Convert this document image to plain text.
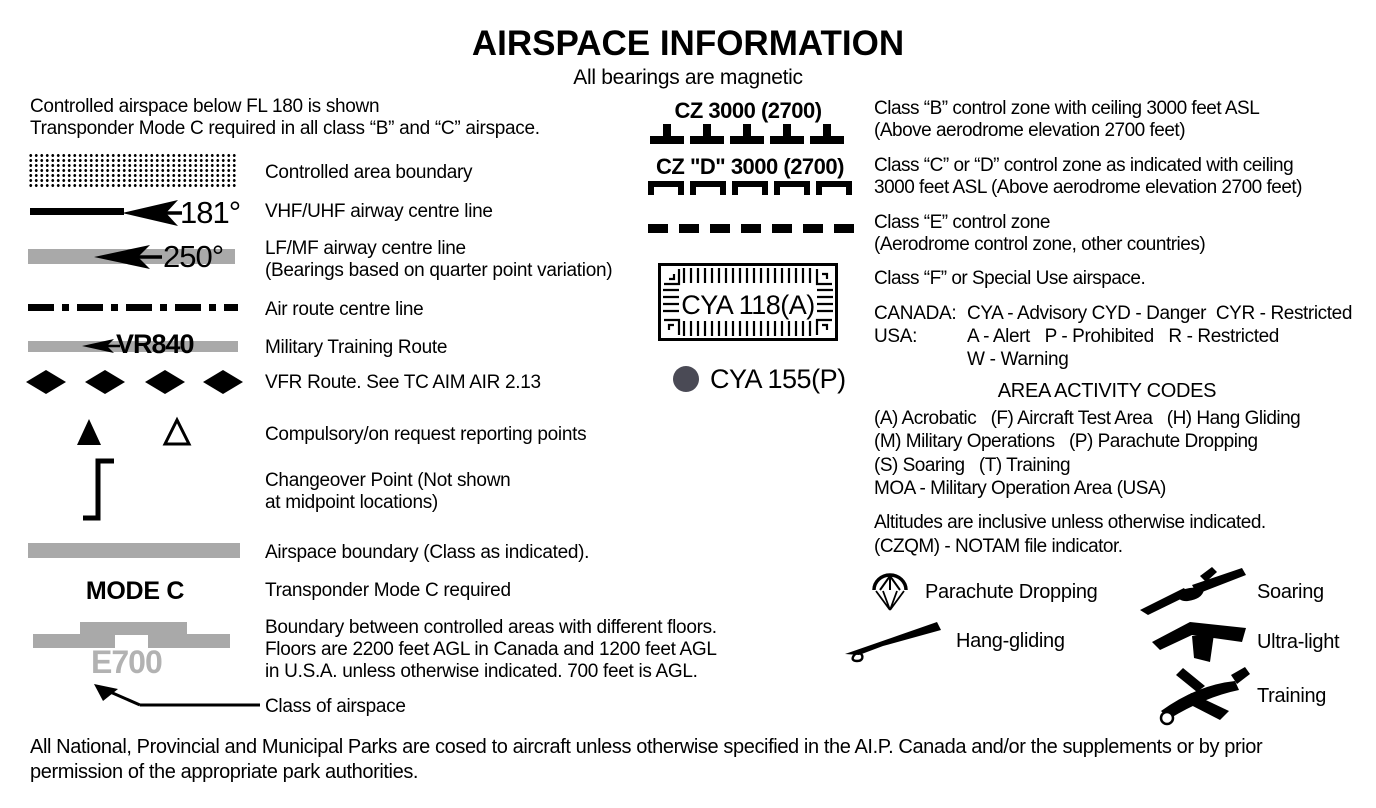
AIRSPACE INFORMATION
All bearings are magnetic
Controlled airspace below FL 180 is shown
Transponder Mode C required in all class “B” and “C” airspace.
181°
250°
VR840
MODE C
E700
Controlled area boundary
VHF/UHF airway centre line
LF/MF airway centre line
(Bearings based on quarter point variation)
Air route centre line
Military Training Route
VFR Route. See TC AIM AIR 2.13
Compulsory/on request reporting points
Changeover Point (Not shown
at midpoint locations)
Airspace boundary (Class as indicated).
Transponder Mode C required
Boundary between controlled areas with different floors.
Floors are 2200 feet AGL in Canada and 1200 feet AGL
in U.S.A. unless otherwise indicated. 700 feet is AGL.
Class of airspace
CZ 3000 (2700)
CZ "D" 3000 (2700)
CYA 118(A)
CYA 155(P)
Class “B” control zone with ceiling 3000 feet ASL
(Above aerodrome elevation 2700 feet)
Class “C” or “D” control zone as indicated with ceiling
3000 feet ASL (Above aerodrome elevation 2700 feet)
Class “E” control zone
(Aerodrome control zone, other countries)
Class “F” or Special Use airspace.
CANADA: CYA - Advisory CYD - Danger  CYR - Restricted
USA:	A - Alert   P - Prohibited   R - Restricted
W - Warning
AREA ACTIVITY CODES
(A) Acrobatic   (F) Aircraft Test Area   (H) Hang Gliding
(M) Military Operations   (P) Parachute Dropping
(S) Soaring   (T) Training
MOA - Military Operation Area (USA)
Altitudes are inclusive unless otherwise indicated.
(CZQM) - NOTAM file indicator.
Parachute Dropping
Hang-gliding
Soaring
Ultra-light
Training
All National, Provincial and Municipal Parks are cosed to aircraft unless otherwise specified in the AI.P. Canada and/or the supplements or by prior
permission of the appropriate park authorities.
